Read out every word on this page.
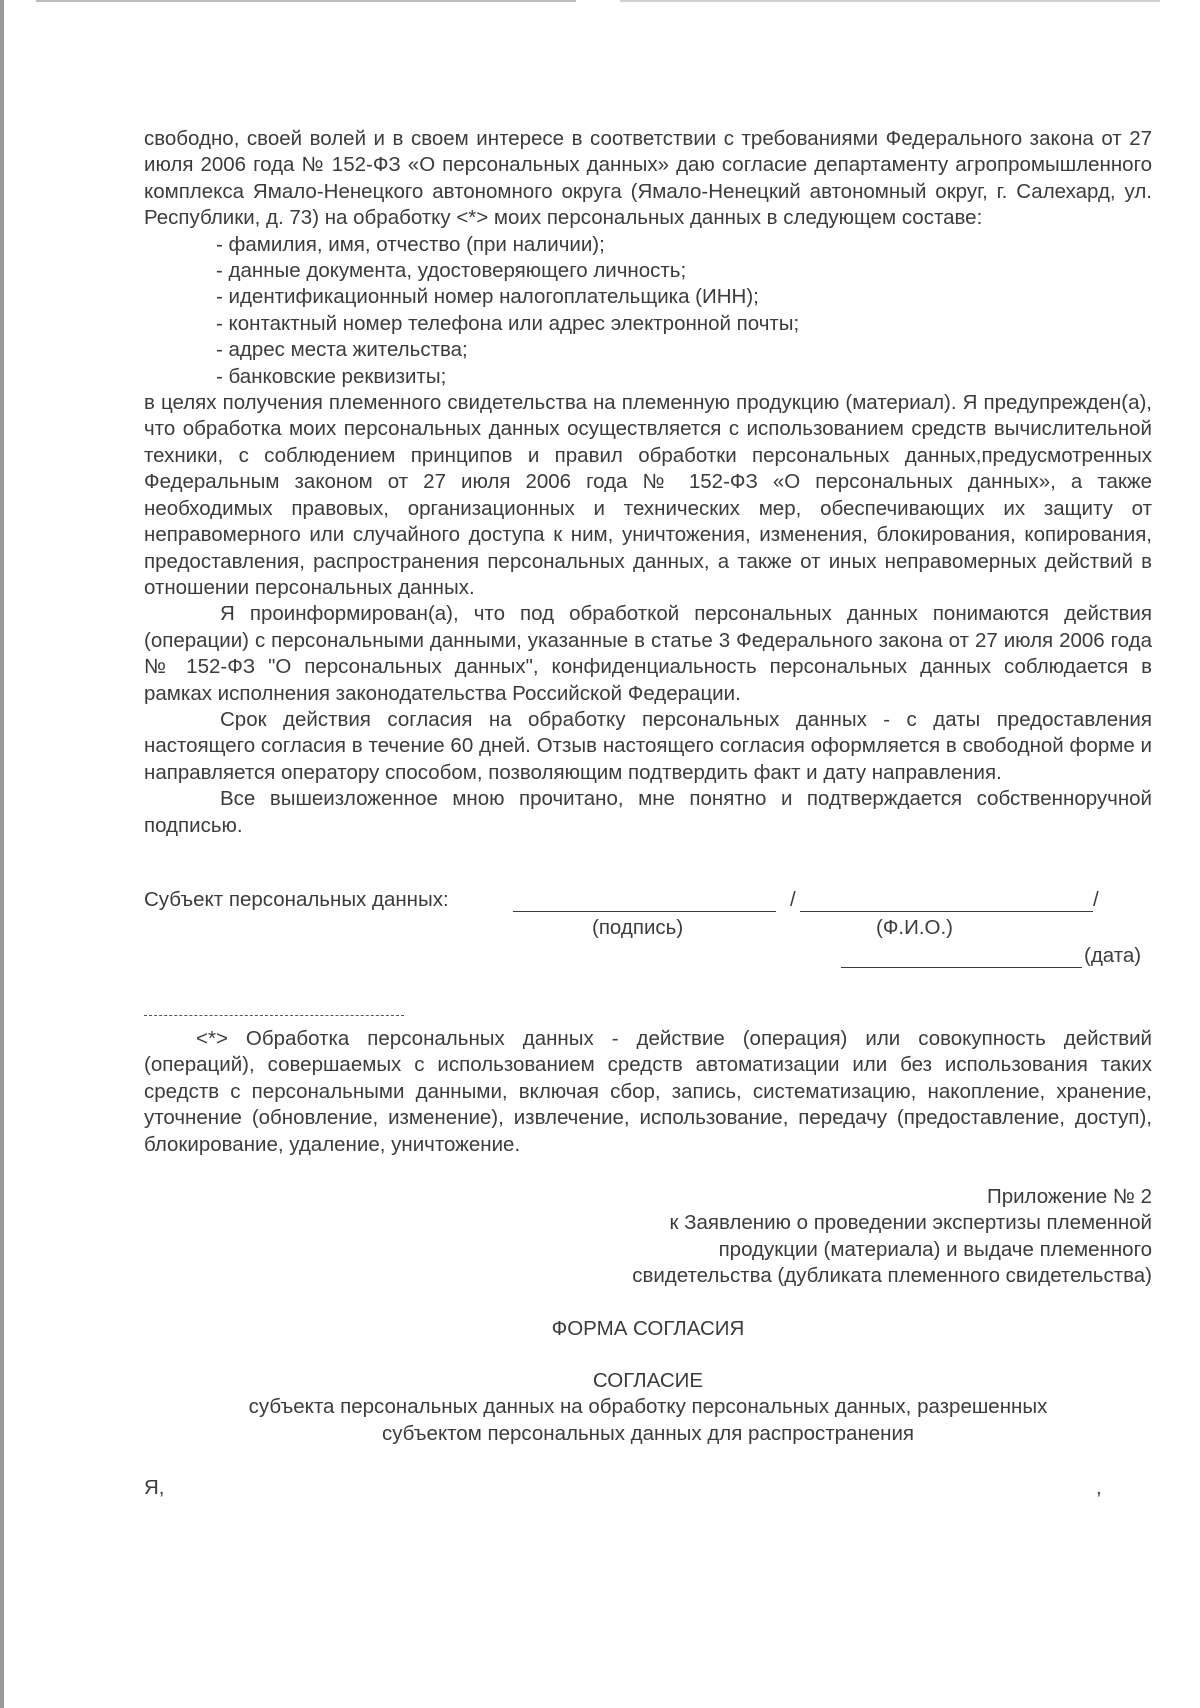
свободно, своей волей и в своем интересе в соответствии с требованиями Федерального закона от 27 июля 2006 года № 152-ФЗ «О персональных данных» даю согласие департаменту агропромышленного комплекса Ямало-Ненецкого автономного округа (Ямало-Ненецкий автономный округ, г. Салехард, ул. Республики, д. 73) на обработку <*> моих персональных данных в следующем составе:

- фамилия, имя, отчество (при наличии);
- данные документа, удостоверяющего личность;
- идентификационный номер налогоплательщика (ИНН);
- контактный номер телефона или адрес электронной почты;
- адрес места жительства;
- банковские реквизиты;

в целях получения племенного свидетельства на племенную продукцию (материал). Я предупрежден(а), что обработка моих персональных данных осуществляется с использованием средств вычислительной техники, с соблюдением принципов и правил обработки персональных данных,предусмотренных Федеральным законом от 27 июля 2006 года № 152-ФЗ «О персональных данных», а также необходимых правовых, организационных и технических мер, обеспечивающих их защиту от неправомерного или случайного доступа к ним, уничтожения, изменения, блокирования, копирования, предоставления, распространения персональных данных, а также от иных неправомерных действий в отношении персональных данных.

Я проинформирован(а), что под обработкой персональных данных понимаются действия (операции) с персональными данными, указанные в статье 3 Федерального закона от 27 июля 2006 года № 152-ФЗ "О персональных данных", конфиденциальность персональных данных соблюдается в рамках исполнения законодательства Российской Федерации.

Срок действия согласия на обработку персональных данных - с даты предоставления настоящего согласия в течение 60 дней. Отзыв настоящего согласия оформляется в свободной форме и направляется оператору способом, позволяющим подтвердить факт и дату направления.

Все вышеизложенное мною прочитано, мне понятно и подтверждается собственноручной подписью.

Субъект персональных данных:	/	/
(подпись)	(Ф.И.О.)
(дата)

<*> Обработка персональных данных - действие (операция) или совокупность действий (операций), совершаемых с использованием средств автоматизации или без использования таких средств с персональными данными, включая сбор, запись, систематизацию, накопление, хранение, уточнение (обновление, изменение), извлечение, использование, передачу (предоставление, доступ), блокирование, удаление, уничтожение.

Приложение № 2

к Заявлению о проведении экспертизы племенной

продукции (материала) и выдаче племенного

свидетельства (дубликата племенного свидетельства)

ФОРМА СОГЛАСИЯ

СОГЛАСИЕ

субъекта персональных данных на обработку персональных данных, разрешенных

субъектом персональных данных для распространения

Я,	,
